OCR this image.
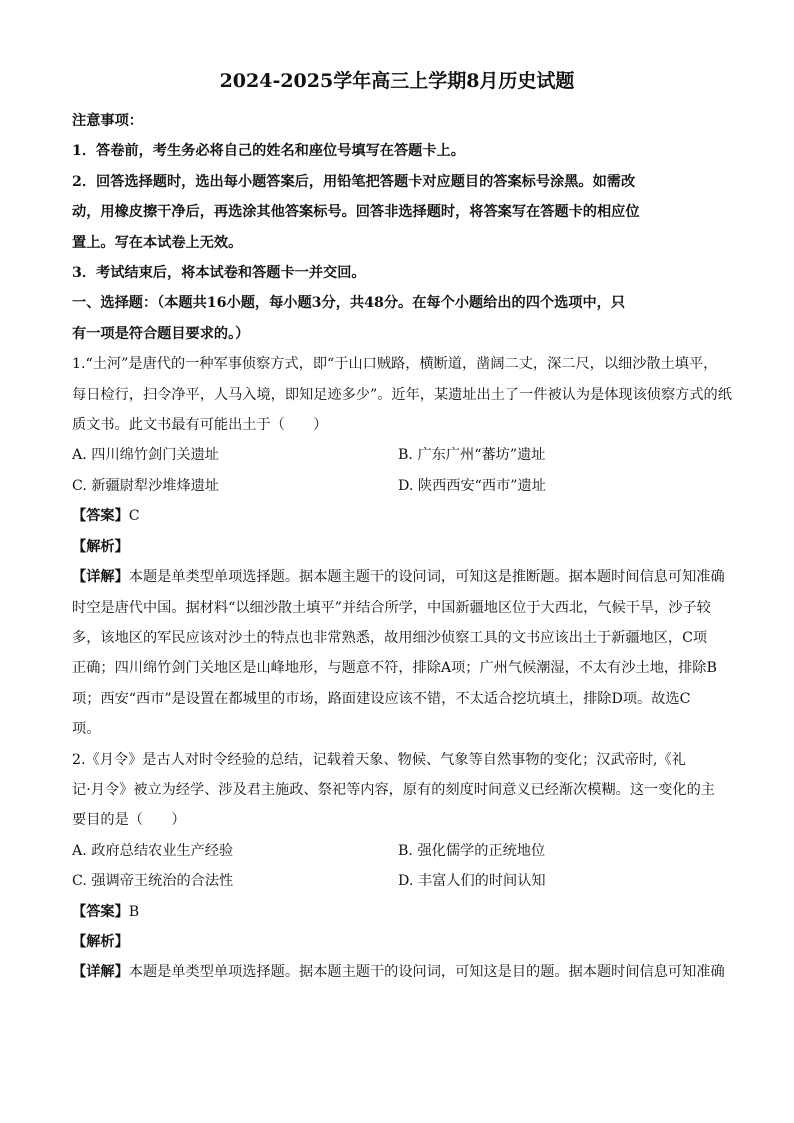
2024-2025学年高三上学期8月历史试题

注意事项：

1．答卷前，考生务必将自己的姓名和座位号填写在答题卡上。

2．回答选择题时，选出每小题答案后，用铅笔把答题卡对应题目的答案标号涂黑。如需改

动，用橡皮擦干净后，再选涂其他答案标号。回答非选择题时，将答案写在答题卡的相应位

置上。写在本试卷上无效。

3．考试结束后，将本试卷和答题卡一并交回。

一、选择题：（本题共16小题，每小题3分，共48分。在每个小题给出的四个选项中，只

有一项是符合题目要求的。）

1.“土河”是唐代的一种军事侦察方式，即“于山口贼路，横断道，凿阔二丈，深二尺，以细沙散土填平，

每日检行，扫令净平，人马入境，即知足迹多少”。近年，某遗址出土了一件被认为是体现该侦察方式的纸

质文书。此文书最有可能出土于（　　）

A. 四川绵竹剑门关遗址	B. 广东广州“蕃坊”遗址
C. 新疆尉犁沙堆烽遗址	D. 陕西西安“西市”遗址

【答案】C

【解析】

【详解】本题是单类型单项选择题。据本题主题干的设问词，可知这是推断题。据本题时间信息可知准确

时空是唐代中国。据材料“以细沙散土填平”并结合所学，中国新疆地区位于大西北，气候干旱，沙子较

多，该地区的军民应该对沙土的特点也非常熟悉，故用细沙侦察工具的文书应该出土于新疆地区，C项

正确；四川绵竹剑门关地区是山峰地形，与题意不符，排除A项；广州气候潮湿，不太有沙土地，排除B

项；西安“西市”是设置在都城里的市场，路面建设应该不错，不太适合挖坑填土，排除D项。故选C

项。

2.《月令》是古人对时令经验的总结，记载着天象、物候、气象等自然事物的变化；汉武帝时,《礼

记·月令》被立为经学、涉及君主施政、祭祀等内容，原有的刻度时间意义已经渐次模糊。这一变化的主

要目的是（　　）

A. 政府总结农业生产经验	B. 强化儒学的正统地位
C. 强调帝王统治的合法性	D. 丰富人们的时间认知

【答案】B

【解析】

【详解】本题是单类型单项选择题。据本题主题干的设问词，可知这是目的题。据本题时间信息可知准确
